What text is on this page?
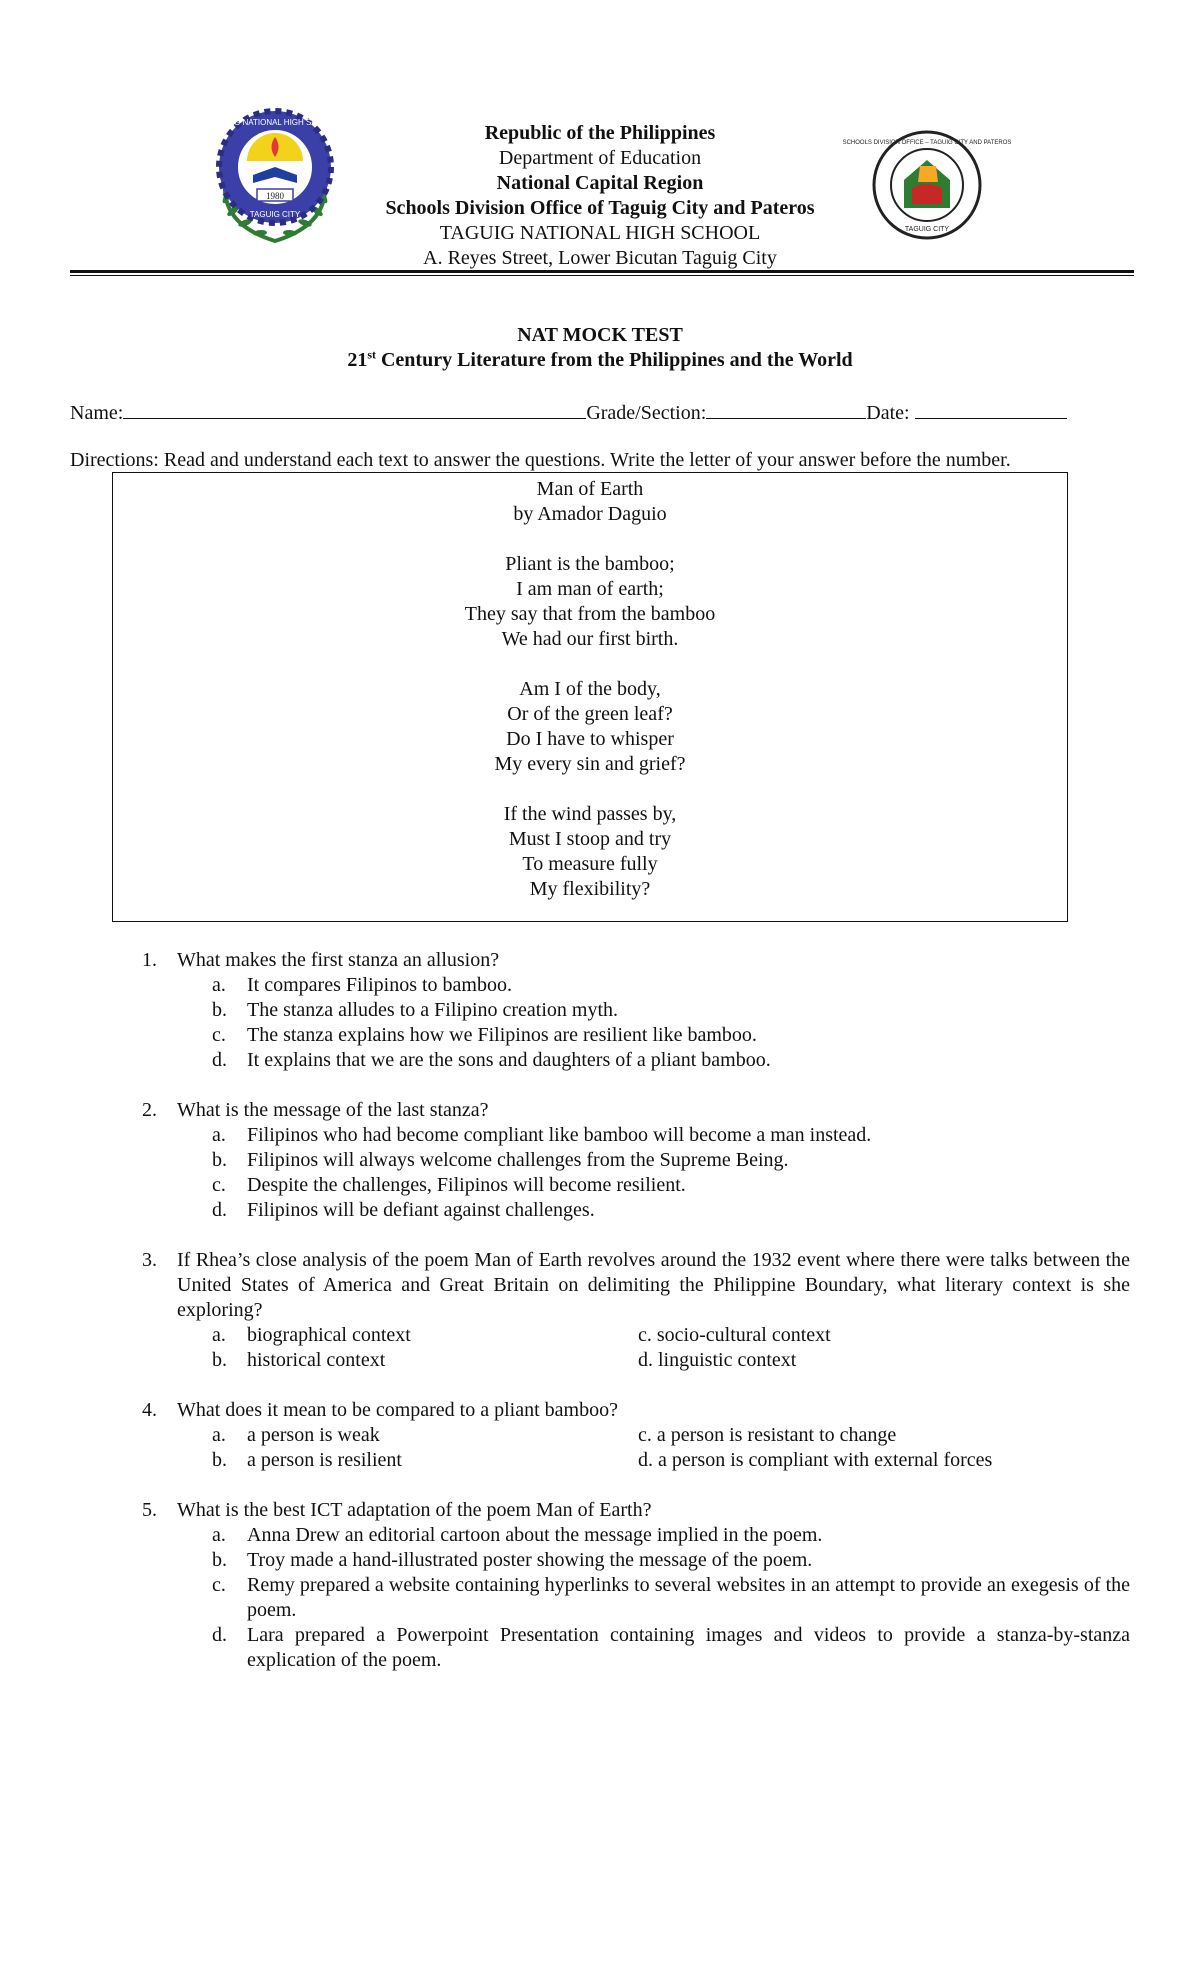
1980
TAGUIG NATIONAL HIGH SCHOOL
TAGUIG CITY
Republic of the Philippines
Department of Education
National Capital Region
Schools Division Office of Taguig City and Pateros
TAGUIG NATIONAL HIGH SCHOOL
A. Reyes Street, Lower Bicutan Taguig City
SCHOOLS DIVISION OFFICE – TAGUIG CITY AND PATEROS
TAGUIG CITY
NAT MOCK TEST
21st Century Literature from the Philippines and the World
Name:	Grade/Section:	Date:
Directions: Read and understand each text to answer the questions. Write the letter of your answer before the number.
Man of Earth
by Amador Daguio
Pliant is the bamboo;
I am man of earth;
They say that from the bamboo
We had our first birth.
Am I of the body,
Or of the green leaf?
Do I have to whisper
My every sin and grief?
If the wind passes by,
Must I stoop and try
To measure fully
My flexibility?
1. What makes the first stanza an allusion?
a. It compares Filipinos to bamboo.
b. The stanza alludes to a Filipino creation myth.
c. The stanza explains how we Filipinos are resilient like bamboo.
d. It explains that we are the sons and daughters of a pliant bamboo.
2. What is the message of the last stanza?
a. Filipinos who had become compliant like bamboo will become a man instead.
b. Filipinos will always welcome challenges from the Supreme Being.
c. Despite the challenges, Filipinos will become resilient.
d. Filipinos will be defiant against challenges.
3. If Rhea’s close analysis of the poem Man of Earth revolves around the 1932 event where there were talks between the United States of America and Great Britain on delimiting the Philippine Boundary, what literary context is she exploring?
a. biographical context	c. socio-cultural context
b. historical context	d. linguistic context
4. What does it mean to be compared to a pliant bamboo?
a. a person is weak	c. a person is resistant to change
b. a person is resilient	d. a person is compliant with external forces
5. What is the best ICT adaptation of the poem Man of Earth?
a. Anna Drew an editorial cartoon about the message implied in the poem.
b. Troy made a hand-illustrated poster showing the message of the poem.
c. Remy prepared a website containing hyperlinks to several websites in an attempt to provide an exegesis of the poem.
d. Lara prepared a Powerpoint Presentation containing images and videos to provide a stanza-by-stanza explication of the poem.
